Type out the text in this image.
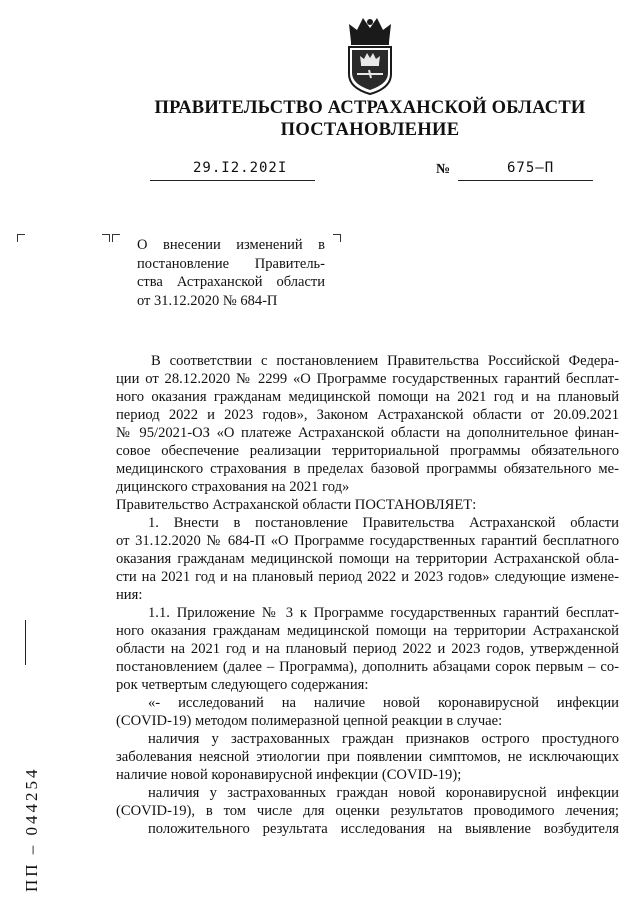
ПРАВИТЕЛЬСТВО АСТРАХАНСКОЙ ОБЛАСТИ
ПОСТАНОВЛЕНИЕ
29.I2.202I	№	675–П
О внесении изменений в
постановление Правитель-
ства Астраханской области
от 31.12.2020 № 684-П
В соответствии с постановлением Правительства Российской Федера-
ции от 28.12.2020 № 2299 «О Программе государственных гарантий бесплат-
ного оказания гражданам медицинской помощи на 2021 год и на плановый
период 2022 и 2023 годов», Законом Астраханской области от 20.09.2021
№ 95/2021-ОЗ «О платеже Астраханской области на дополнительное финан-
совое обеспечение реализации территориальной программы обязательного
медицинского страхования в пределах базовой программы обязательного ме-
дицинского страхования на 2021 год»
Правительство Астраханской области ПОСТАНОВЛЯЕТ:
1. Внести в постановление Правительства Астраханской области
от 31.12.2020 № 684-П «О Программе государственных гарантий бесплатного
оказания гражданам медицинской помощи на территории Астраханской обла-
сти на 2021 год и на плановый период 2022 и 2023 годов» следующие измене-
ния:
1.1. Приложение № 3 к Программе государственных гарантий бесплат-
ного оказания гражданам медицинской помощи на территории Астраханской
области на 2021 год и на плановый период 2022 и 2023 годов, утвержденной
постановлением (далее – Программа), дополнить абзацами сорок первым – со-
рок четвертым следующего содержания:
«- исследований на наличие новой коронавирусной инфекции
(COVID-19) методом полимеразной цепной реакции в случае:
наличия у застрахованных граждан признаков острого простудного
заболевания неясной этиологии при появлении симптомов, не исключающих
наличие новой коронавирусной инфекции (COVID-19);
наличия у застрахованных граждан новой коронавирусной инфекции
(COVID-19), в том числе для оценки результатов проводимого лечения;
положительного результата исследования на выявление возбудителя
ПП – 044254
